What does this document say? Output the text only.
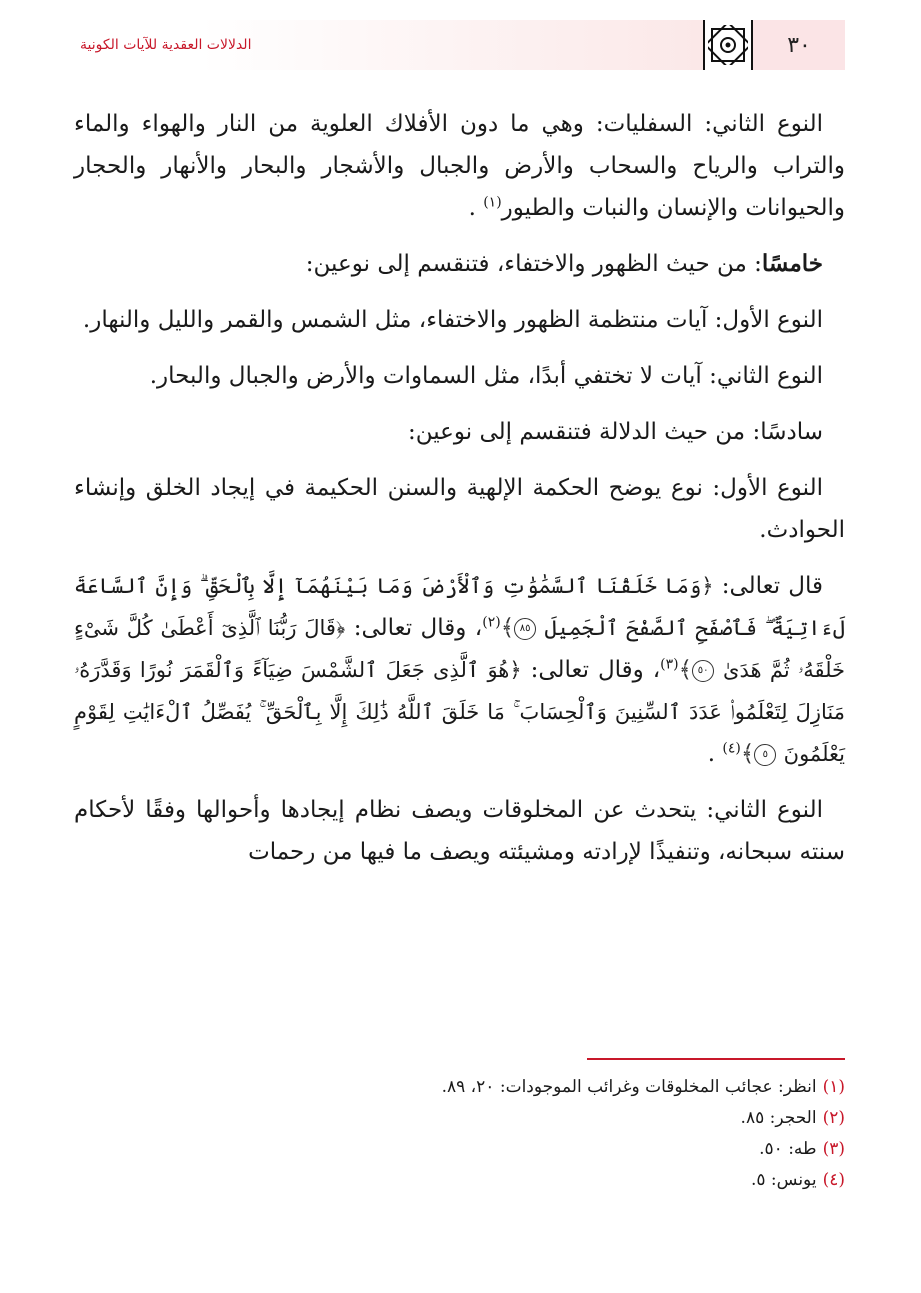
الدلالات العقدية للآيات الكونية	٣٠

النوع الثاني: السفليات: وهي ما دون الأفلاك العلوية من النار والهواء والماء والتراب والرياح والسحاب والأرض والجبال والأشجار والبحار والأنهار والحجار والحيوانات والإنسان والنبات والطيور$^{(١)}$ .

خامسًا: من حيث الظهور والاختفاء، فتنقسم إلى نوعين:

النوع الأول: آيات منتظمة الظهور والاختفاء، مثل الشمس والقمر والليل والنهار.

النوع الثاني: آيات لا تختفي أبدًا، مثل السماوات والأرض والجبال والبحار.

سادسًا: من حيث الدلالة فتنقسم إلى نوعين:

النوع الأول: نوع يوضح الحكمة الإلهية والسنن الحكيمة في إيجاد الخلق وإنشاء الحوادث.

قال تعالى: ﴿وَمَا خَلَقْنَا ٱلسَّمَٰوَٰتِ وَٱلْأَرْضَ وَمَا بَيْنَهُمَآ إِلَّا بِٱلْحَقِّ ۗ وَإِنَّ ٱلسَّاعَةَ لَءَاتِيَةٌ ۖ فَٱصْفَحِ ٱلصَّفْحَ ٱلْجَمِيلَ ٨٥﴾$^{(٢)}$، وقال تعالى: ﴿قَالَ رَبُّنَا ٱلَّذِىٓ أَعْطَىٰ كُلَّ شَىْءٍ خَلْقَهُۥ ثُمَّ هَدَىٰ ٥٠﴾$^{(٣)}$، وقال تعالى: ﴿هُوَ ٱلَّذِى جَعَلَ ٱلشَّمْسَ ضِيَآءً وَٱلْقَمَرَ نُورًا وَقَدَّرَهُۥ مَنَازِلَ لِتَعْلَمُوا۟ عَدَدَ ٱلسِّنِينَ وَٱلْحِسَابَ ۚ مَا خَلَقَ ٱللَّهُ ذَٰلِكَ إِلَّا بِٱلْحَقِّ ۚ يُفَصِّلُ ٱلْءَايَٰتِ لِقَوْمٍ يَعْلَمُونَ ٥﴾$^{(٤)}$ .

النوع الثاني: يتحدث عن المخلوقات ويصف نظام إيجادها وأحوالها وفقًا لأحكام سنته سبحانه، وتنفيذًا لإرادته ومشيئته ويصف ما فيها من رحمات

(١)انظر: عجائب المخلوقات وغرائب الموجودات: ٢٠، ٨٩.
(٢)الحجر: ٨٥.
(٣)طه: ٥٠.
(٤)يونس: ٥.
